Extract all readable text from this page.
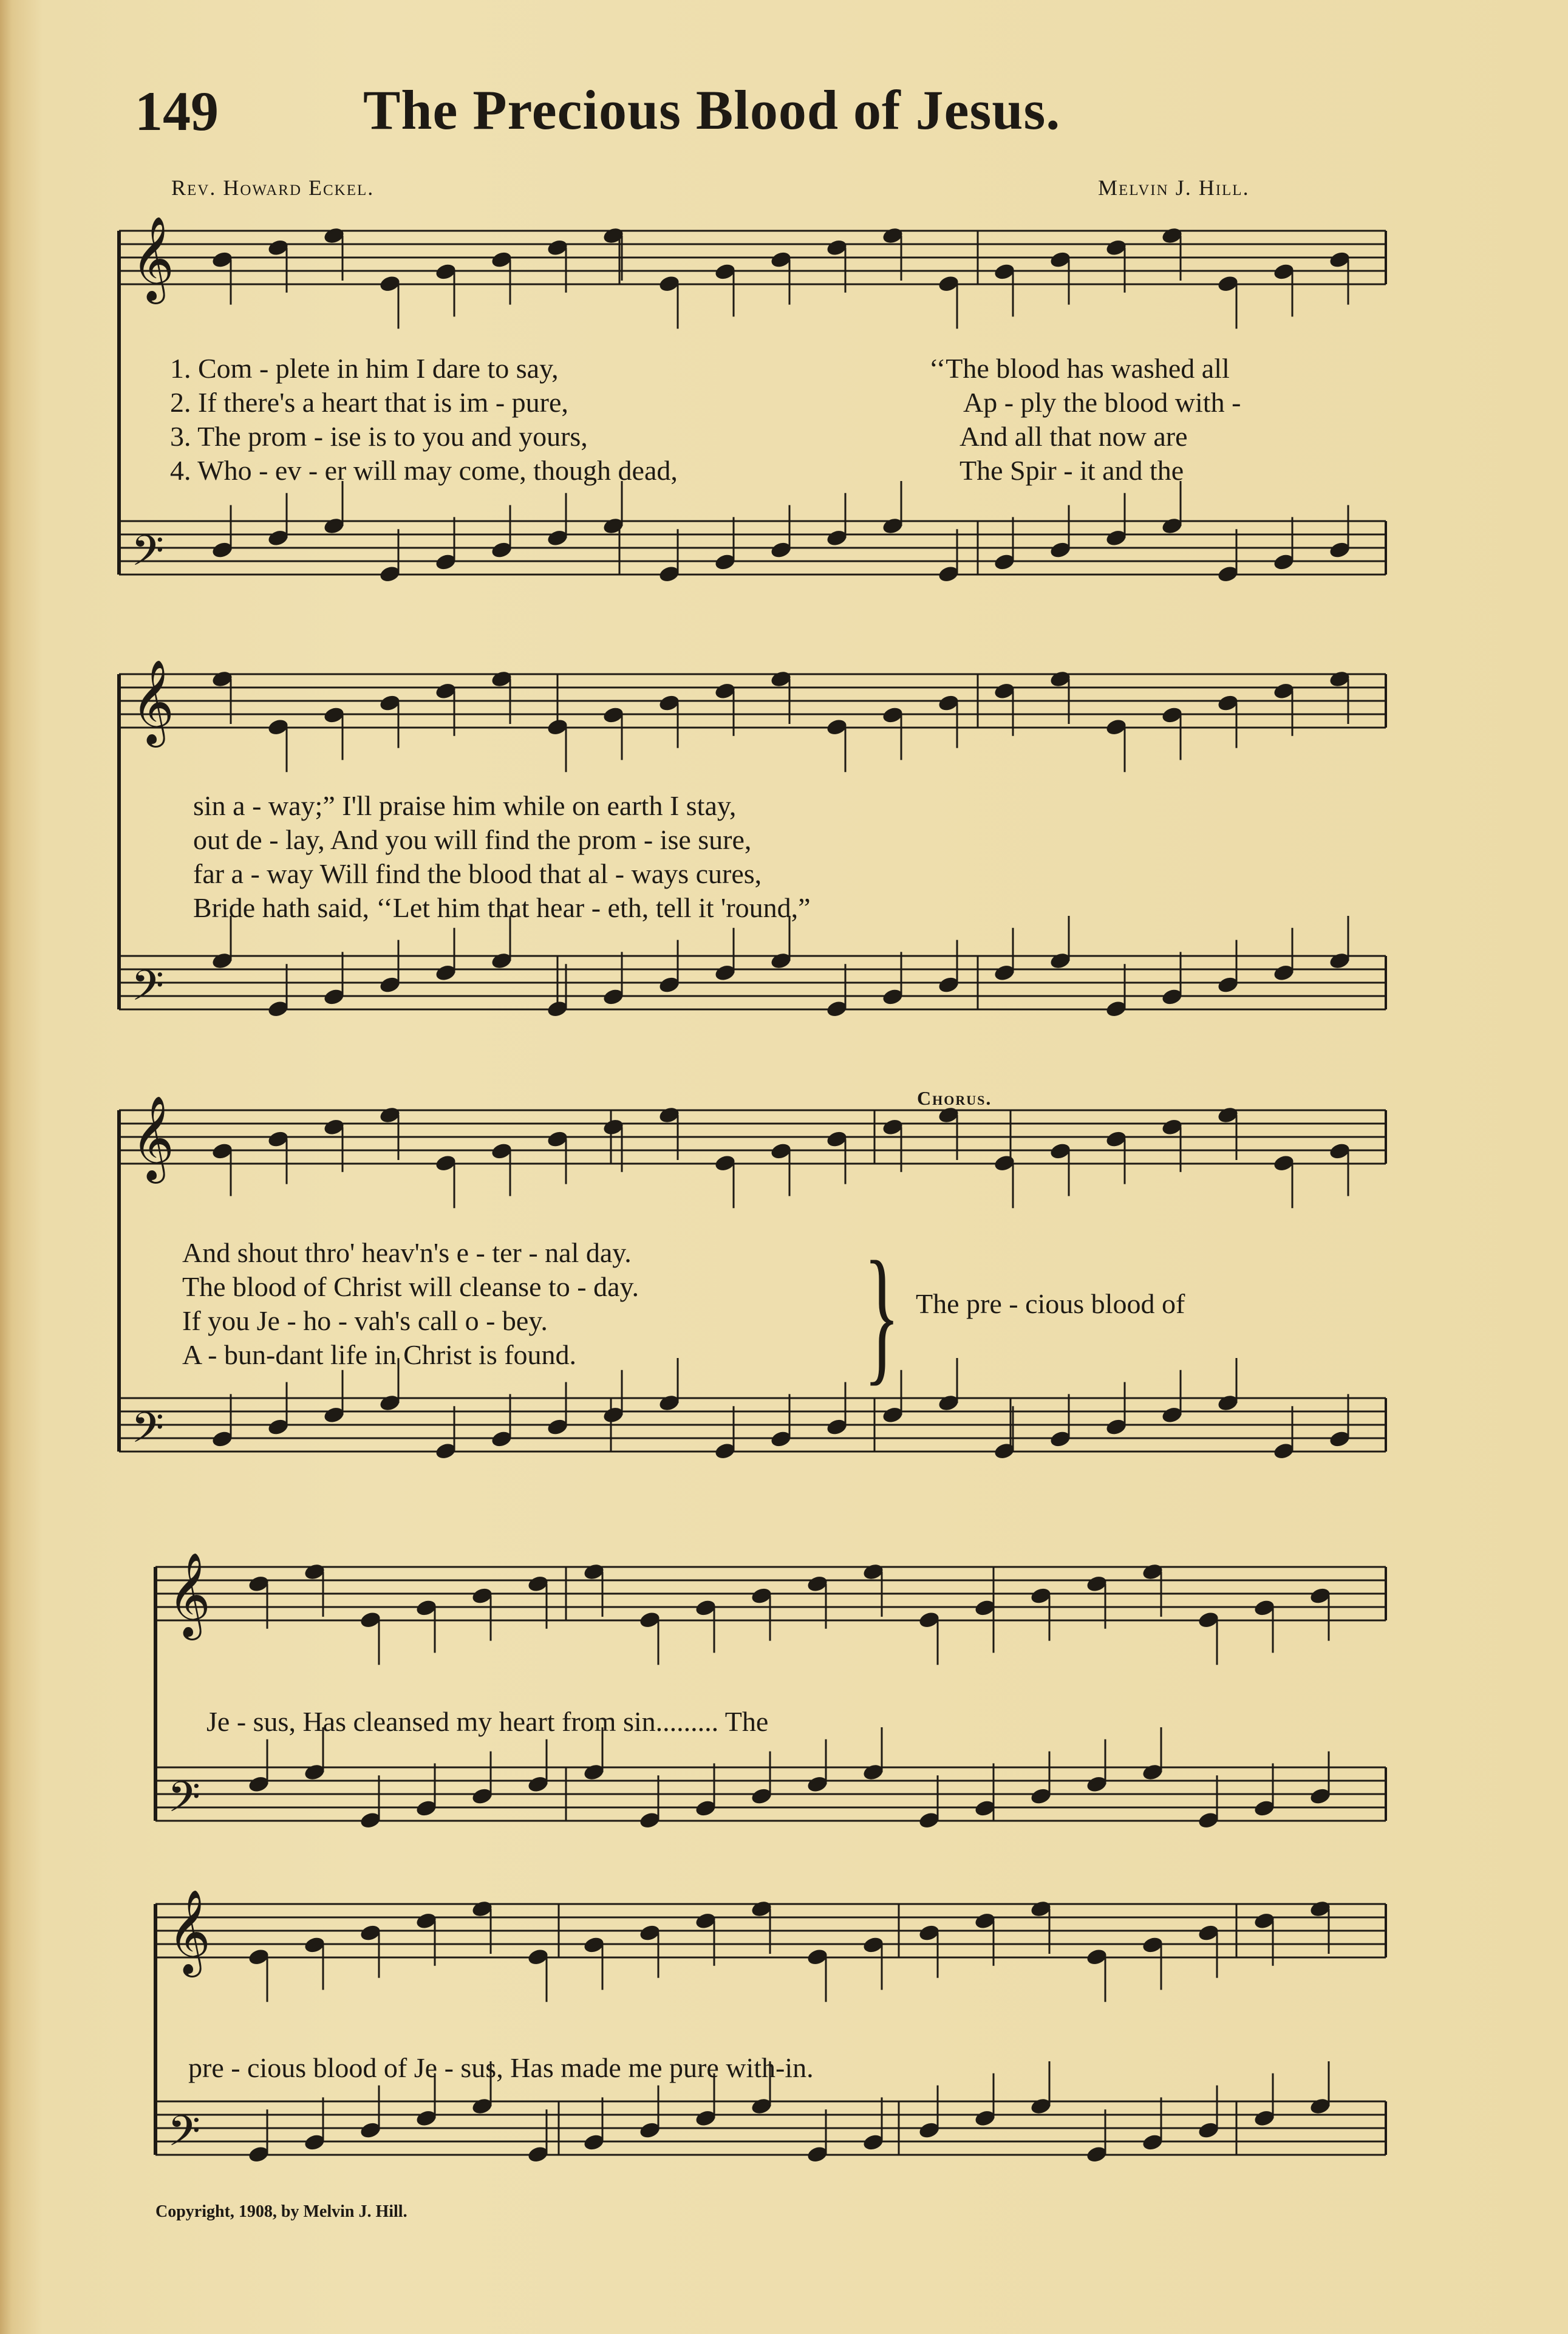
𝄞
𝄢
𝄞
𝄢
𝄞
𝄢
𝄞
𝄢
𝄞
𝄢
149	The Precious Blood of Jesus.
Rev. Howard Eckel.	Melvin J. Hill.
1. Com - plete in him I dare to say,
2. If there's a heart that is im - pure,
3. The prom - ise is to you and yours,
4. Who - ev - er will may come, though dead,
‘‘The blood has washed all
Ap - ply the blood with -
And all that now are
The Spir - it and the
sin a - way;” I'll praise him while on earth I stay,
out de - lay, And you will find the prom - ise sure,
far a - way Will find the blood that al - ways cures,
Bride hath said, ‘‘Let him that hear - eth, tell it 'round,”
And shout thro' heav'n's e - ter - nal day.
The blood of Christ will cleanse to - day.
If you Je - ho - vah's call o - bey.
A - bun-dant life in Christ is found. }
Chorus.
The pre - cious blood of
Je - sus, Has cleansed my heart from sin......... The
pre - cious blood of Je - sus, Has made me pure with-in.
Copyright, 1908, by Melvin J. Hill.
